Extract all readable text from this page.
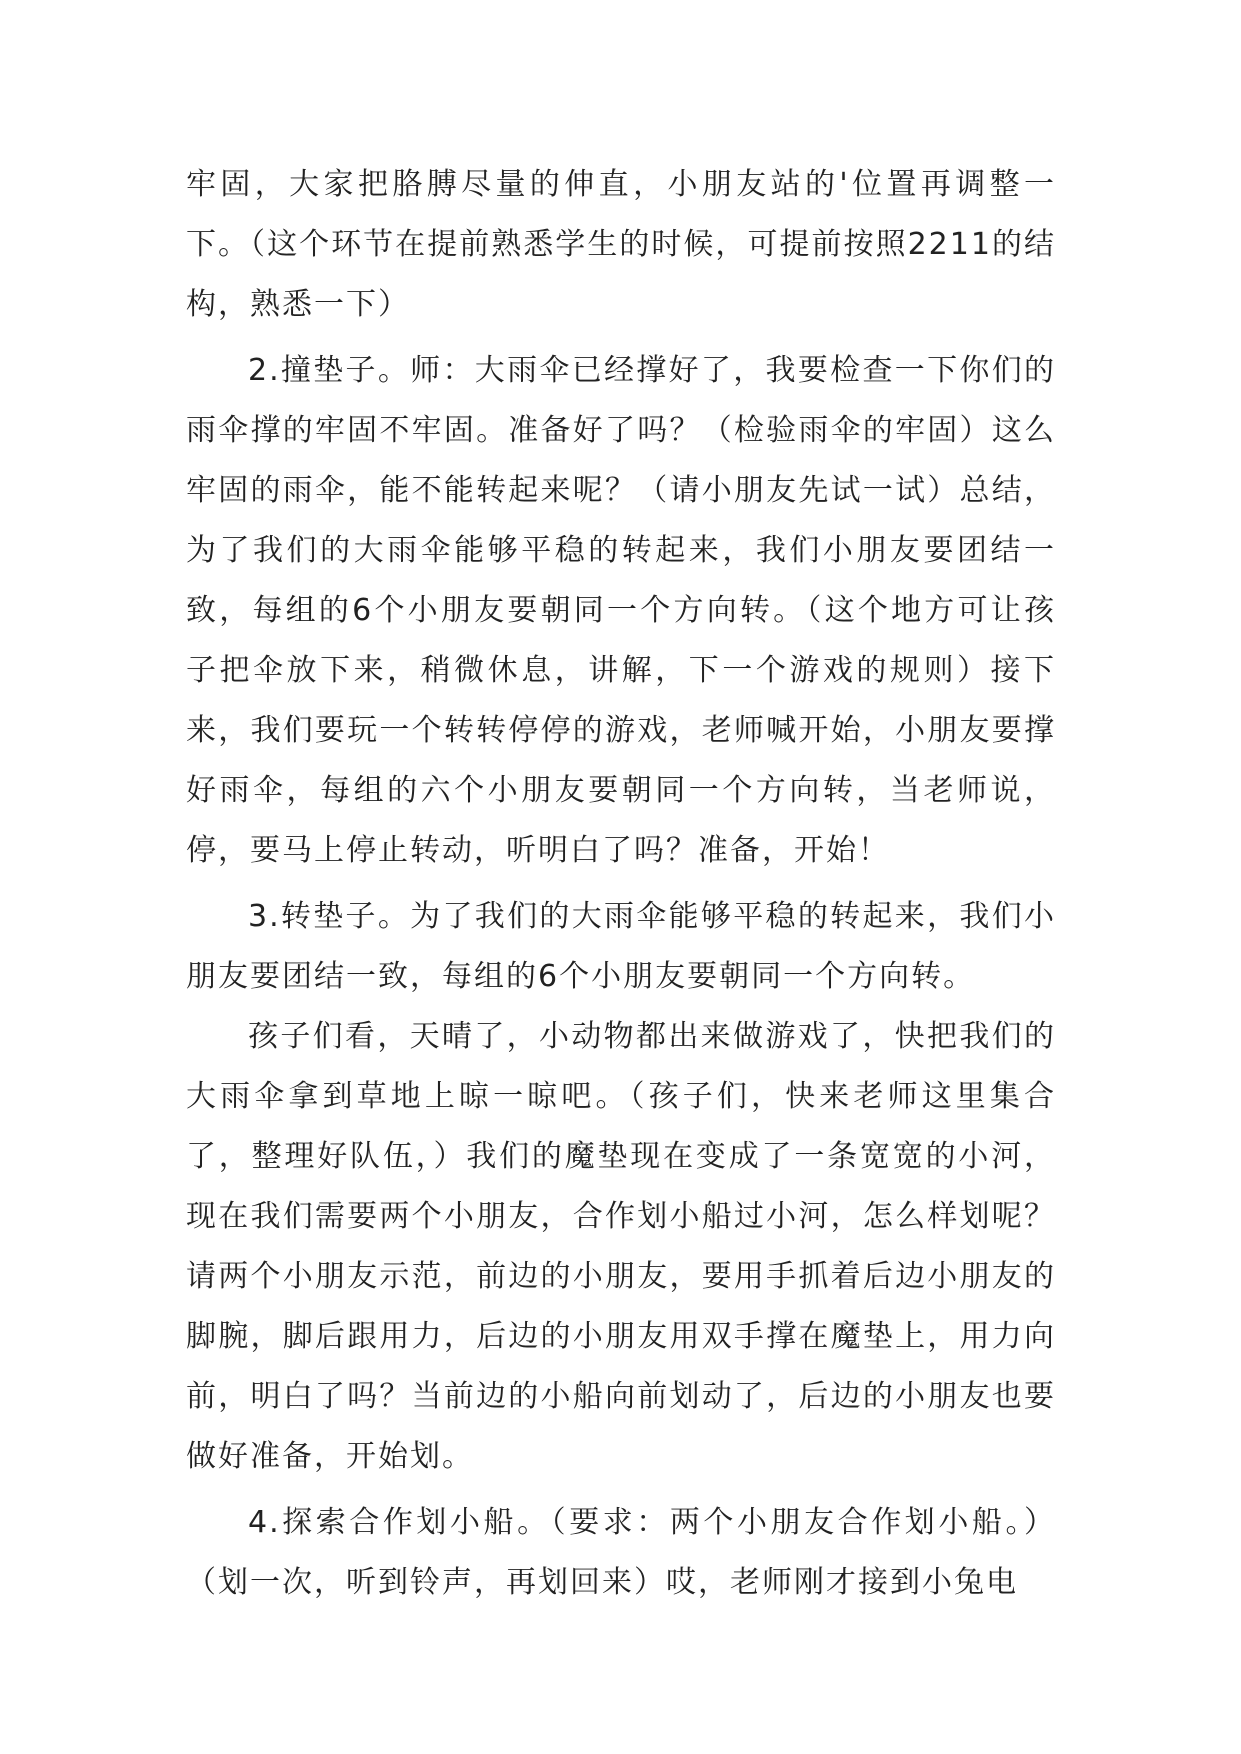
牢固，大家把胳膊尽量的伸直，小朋友站的'位置再调整一下。（这个环节在提前熟悉学生的时候，可提前按照2211的结构，熟悉一下）

2.撞垫子。师：大雨伞已经撑好了，我要检查一下你们的雨伞撑的牢固不牢固。准备好了吗？（检验雨伞的牢固）这么牢固的雨伞，能不能转起来呢？（请小朋友先试一试）总结，为了我们的大雨伞能够平稳的转起来，我们小朋友要团结一致，每组的6个小朋友要朝同一个方向转。（这个地方可让孩子把伞放下来，稍微休息，讲解，下一个游戏的规则）接下来，我们要玩一个转转停停的游戏，老师喊开始，小朋友要撑好雨伞，每组的六个小朋友要朝同一个方向转，当老师说，停，要马上停止转动，听明白了吗？准备，开始！

3.转垫子。为了我们的大雨伞能够平稳的转起来，我们小朋友要团结一致，每组的6个小朋友要朝同一个方向转。

孩子们看，天晴了，小动物都出来做游戏了，快把我们的大雨伞拿到草地上晾一晾吧。（孩子们，快来老师这里集合了，整理好队伍，）我们的魔垫现在变成了一条宽宽的小河，现在我们需要两个小朋友，合作划小船过小河，怎么样划呢？请两个小朋友示范，前边的小朋友，要用手抓着后边小朋友的脚腕，脚后跟用力，后边的小朋友用双手撑在魔垫上，用力向前，明白了吗？当前边的小船向前划动了，后边的小朋友也要做好准备，开始划。

4.探索合作划小船。（要求：两个小朋友合作划小船。）（划一次，听到铃声，再划回来）哎，老师刚才接到小兔电
